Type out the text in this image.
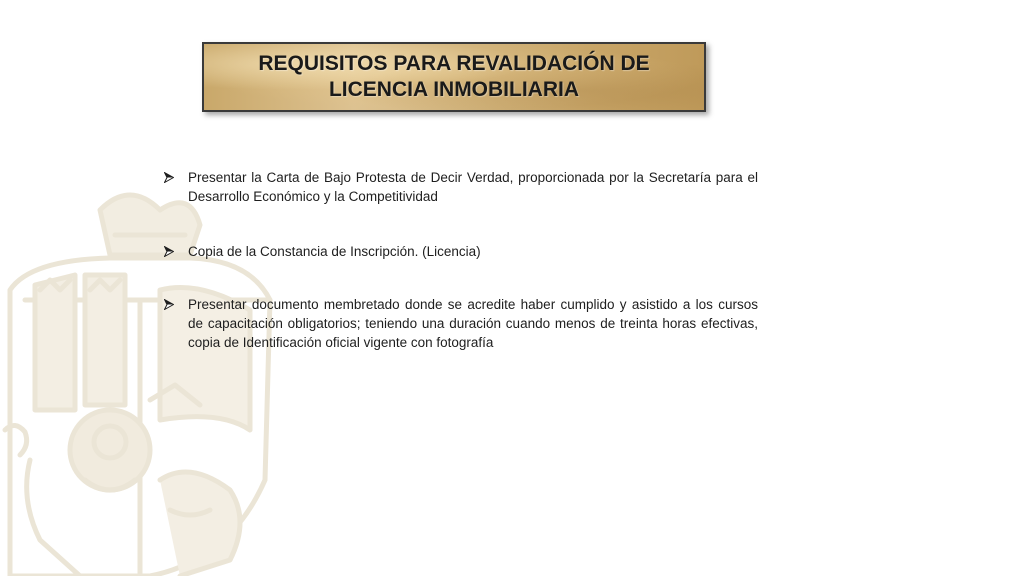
REQUISITOS PARA REVALIDACIÓN DE LICENCIA INMOBILIARIA
Presentar la Carta de Bajo Protesta de Decir Verdad, proporcionada por la Secretaría para el Desarrollo Económico y la Competitividad
Copia de la Constancia de Inscripción. (Licencia)
Presentar documento membretado donde se acredite haber cumplido y asistido a los cursos de capacitación obligatorios; teniendo una duración cuando menos de treinta horas efectivas, copia de Identificación oficial vigente con fotografía
